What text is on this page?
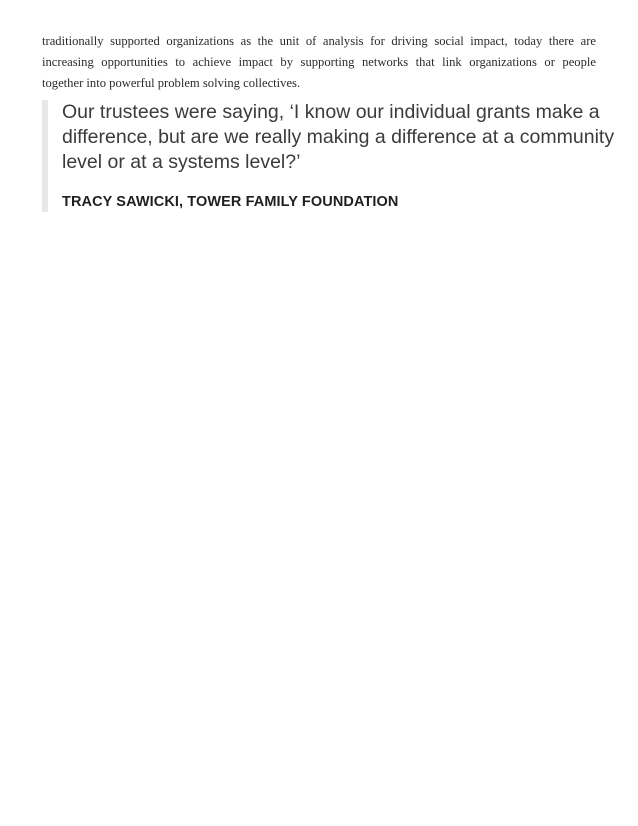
traditionally supported organizations as the unit of analysis for driving social impact, today there are
increasing opportunities to achieve impact by supporting networks that link organizations or people
together into powerful problem solving collectives.

Our trustees were saying, ‘I know our individual grants make a
difference, but are we really making a difference at a community
level or at a systems level?’

TRACY SAWICKI, TOWER FAMILY FOUNDATION
